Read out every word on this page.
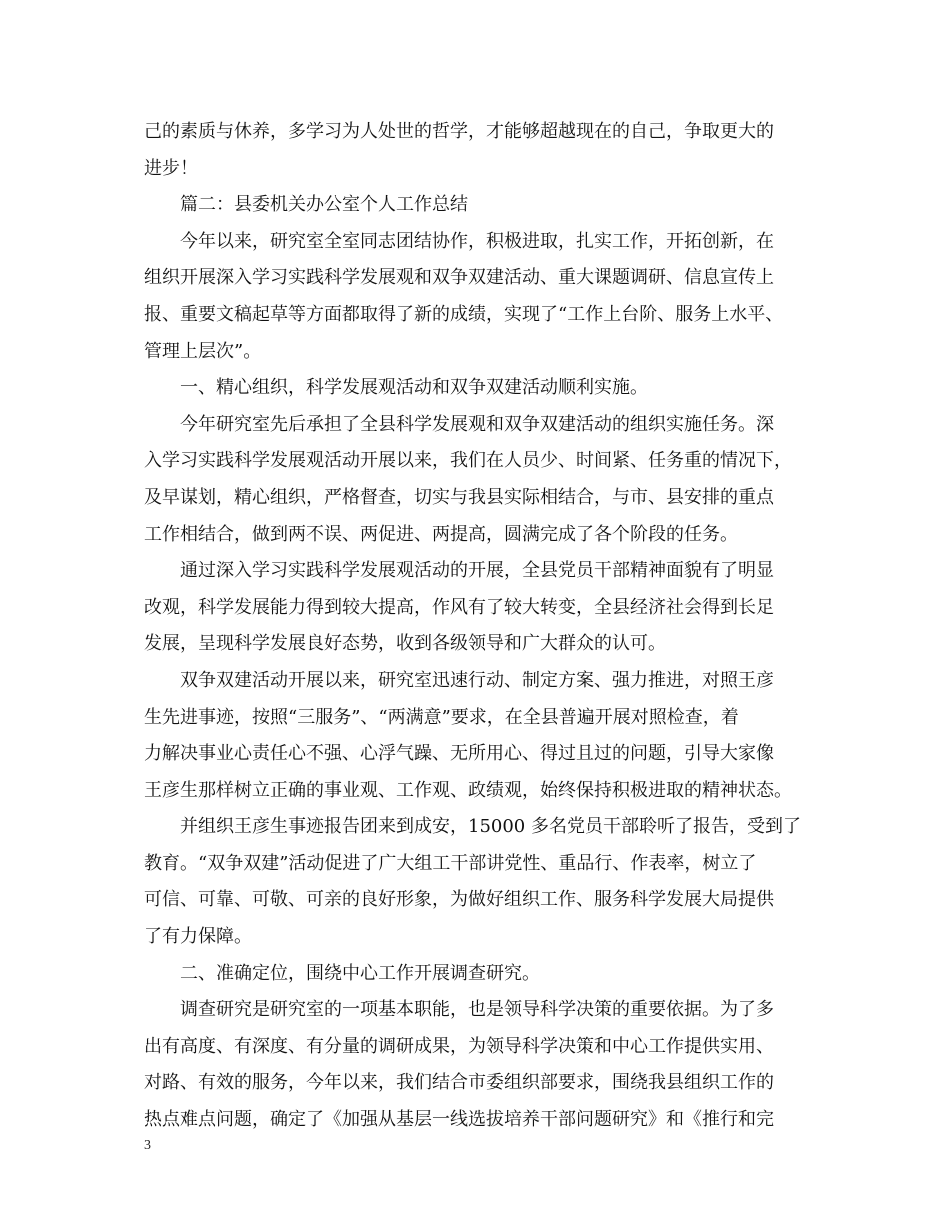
己的素质与休养，多学习为人处世的哲学，才能够超越现在的自己，争取更大的
进步！
篇二：县委机关办公室个人工作总结
今年以来，研究室全室同志团结协作，积极进取，扎实工作，开拓创新，在
组织开展深入学习实践科学发展观和双争双建活动、重大课题调研、信息宣传上
报、重要文稿起草等方面都取得了新的成绩，实现了“工作上台阶、服务上水平、
管理上层次”。
一、精心组织，科学发展观活动和双争双建活动顺利实施。
今年研究室先后承担了全县科学发展观和双争双建活动的组织实施任务。深
入学习实践科学发展观活动开展以来，我们在人员少、时间紧、任务重的情况下，
及早谋划，精心组织，严格督查，切实与我县实际相结合，与市、县安排的重点
工作相结合，做到两不误、两促进、两提高，圆满完成了各个阶段的任务。
通过深入学习实践科学发展观活动的开展，全县党员干部精神面貌有了明显
改观，科学发展能力得到较大提高，作风有了较大转变，全县经济社会得到长足
发展，呈现科学发展良好态势，收到各级领导和广大群众的认可。
双争双建活动开展以来，研究室迅速行动、制定方案、强力推进，对照王彦
生先进事迹，按照“三服务”、“两满意”要求，在全县普遍开展对照检查，着
力解决事业心责任心不强、心浮气躁、无所用心、得过且过的问题，引导大家像
王彦生那样树立正确的事业观、工作观、政绩观，始终保持积极进取的精神状态。
并组织王彦生事迹报告团来到成安，15000 多名党员干部聆听了报告，受到了
教育。“双争双建”活动促进了广大组工干部讲党性、重品行、作表率，树立了
可信、可靠、可敬、可亲的良好形象，为做好组织工作、服务科学发展大局提供
了有力保障。
二、准确定位，围绕中心工作开展调查研究。
调查研究是研究室的一项基本职能，也是领导科学决策的重要依据。为了多
出有高度、有深度、有分量的调研成果，为领导科学决策和中心工作提供实用、
对路、有效的服务，今年以来，我们结合市委组织部要求，围绕我县组织工作的
热点难点问题，确定了《加强从基层一线选拔培养干部问题研究》和《推行和完
3
